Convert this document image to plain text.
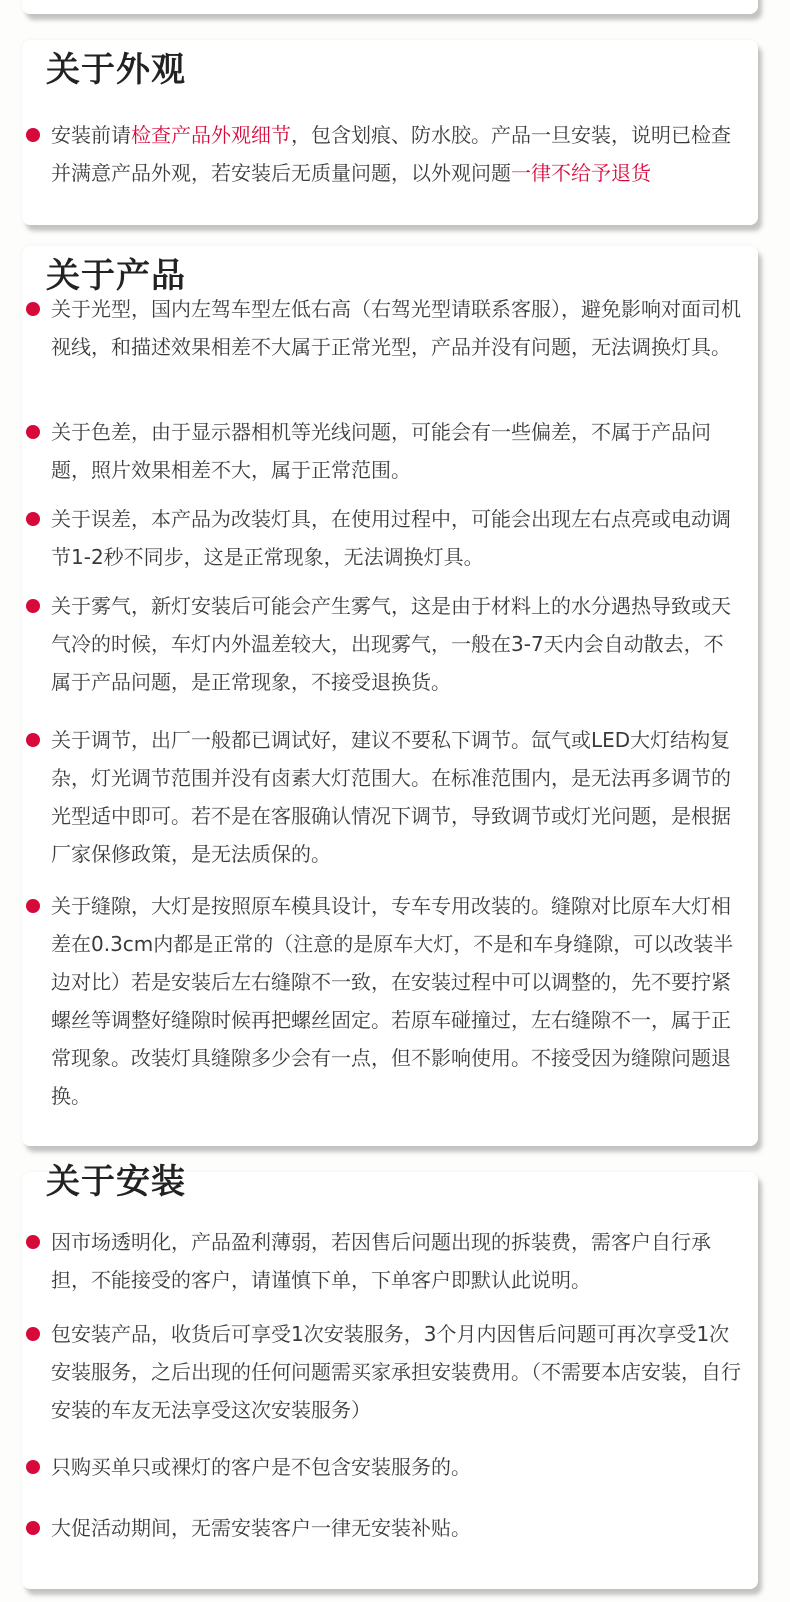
关于外观
安装前请检查产品外观细节，包含划痕、防水胶。产品一旦安装，说明已检查并满意产品外观，若安装后无质量问题，以外观问题一律不给予退货
关于产品
关于光型，国内左驾车型左低右高（右驾光型请联系客服），避免影响对面司机视线，和描述效果相差不大属于正常光型，产品并没有问题，无法调换灯具。
关于色差，由于显示器相机等光线问题，可能会有一些偏差，不属于产品问题，照片效果相差不大，属于正常范围。
关于误差，本产品为改装灯具，在使用过程中，可能会出现左右点亮或电动调节1-2秒不同步，这是正常现象，无法调换灯具。
关于雾气，新灯安装后可能会产生雾气，这是由于材料上的水分遇热导致或天气冷的时候，车灯内外温差较大，出现雾气，一般在3-7天内会自动散去，不属于产品问题，是正常现象，不接受退换货。
关于调节，出厂一般都已调试好，建议不要私下调节。氙气或LED大灯结构复杂，灯光调节范围并没有卤素大灯范围大。在标准范围内，是无法再多调节的光型适中即可。若不是在客服确认情况下调节，导致调节或灯光问题，是根据厂家保修政策，是无法质保的。
关于缝隙，大灯是按照原车模具设计，专车专用改装的。缝隙对比原车大灯相差在0.3cm内都是正常的（注意的是原车大灯，不是和车身缝隙，可以改装半边对比）若是安装后左右缝隙不一致，在安装过程中可以调整的，先不要拧紧螺丝等调整好缝隙时候再把螺丝固定。若原车碰撞过，左右缝隙不一，属于正常现象。改装灯具缝隙多少会有一点，但不影响使用。不接受因为缝隙问题退换。
关于安装
因市场透明化，产品盈利薄弱，若因售后问题出现的拆装费，需客户自行承担，不能接受的客户，请谨慎下单，下单客户即默认此说明。
包安装产品，收货后可享受1次安装服务，3个月内因售后问题可再次享受1次安装服务，之后出现的任何问题需买家承担安装费用。（不需要本店安装，自行安装的车友无法享受这次安装服务）
只购买单只或裸灯的客户是不包含安装服务的。
大促活动期间，无需安装客户一律无安装补贴。
